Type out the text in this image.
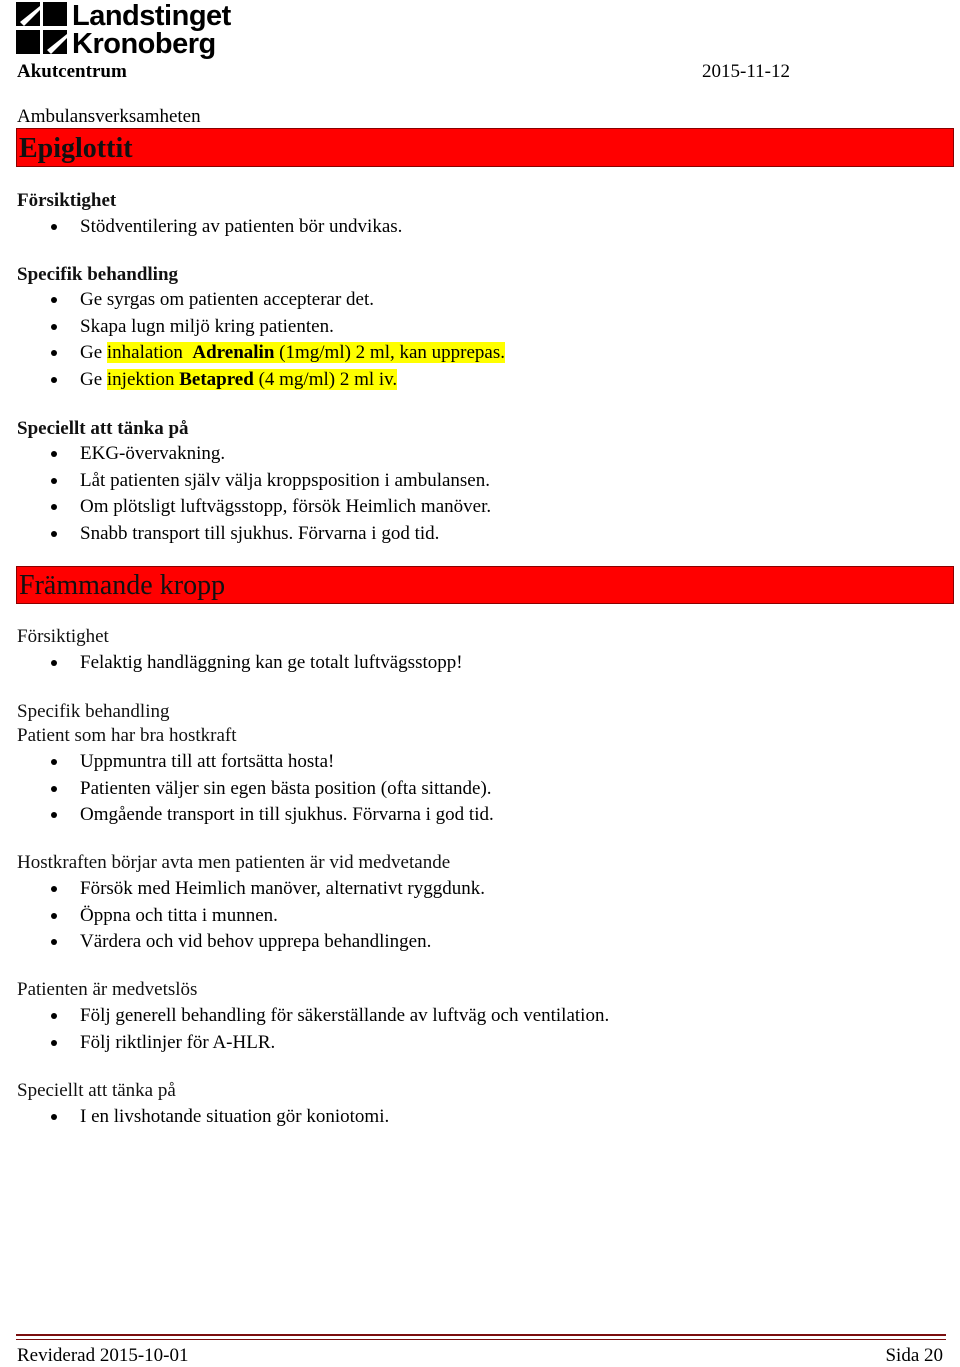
Landstinget
Kronoberg
Akutcentrum	2015-11-12
Ambulansverksamheten
Epiglottit
Försiktighet
Stödventilering av patienten bör undvikas.
Specifik behandling
Ge syrgas om patienten accepterar det.
Skapa lugn miljö kring patienten.
Ge inhalation Adrenalin (1mg/ml) 2 ml, kan upprepas.
Ge injektion Betapred (4 mg/ml) 2 ml iv.
Speciellt att tänka på
EKG-övervakning.
Låt patienten själv välja kroppsposition i ambulansen.
Om plötsligt luftvägsstopp, försök Heimlich manöver.
Snabb transport till sjukhus. Förvarna i god tid.
Främmande kropp
Försiktighet
Felaktig handläggning kan ge totalt luftvägsstopp!
Specifik behandling
Patient som har bra hostkraft
Uppmuntra till att fortsätta hosta!
Patienten väljer sin egen bästa position (ofta sittande).
Omgående transport in till sjukhus. Förvarna i god tid.
Hostkraften börjar avta men patienten är vid medvetande
Försök med Heimlich manöver, alternativt ryggdunk.
Öppna och titta i munnen.
Värdera och vid behov upprepa behandlingen.
Patienten är medvetslös
Följ generell behandling för säkerställande av luftväg och ventilation.
Följ riktlinjer för A-HLR.
Speciellt att tänka på
I en livshotande situation gör koniotomi.
Reviderad 2015-10-01	Sida 20
